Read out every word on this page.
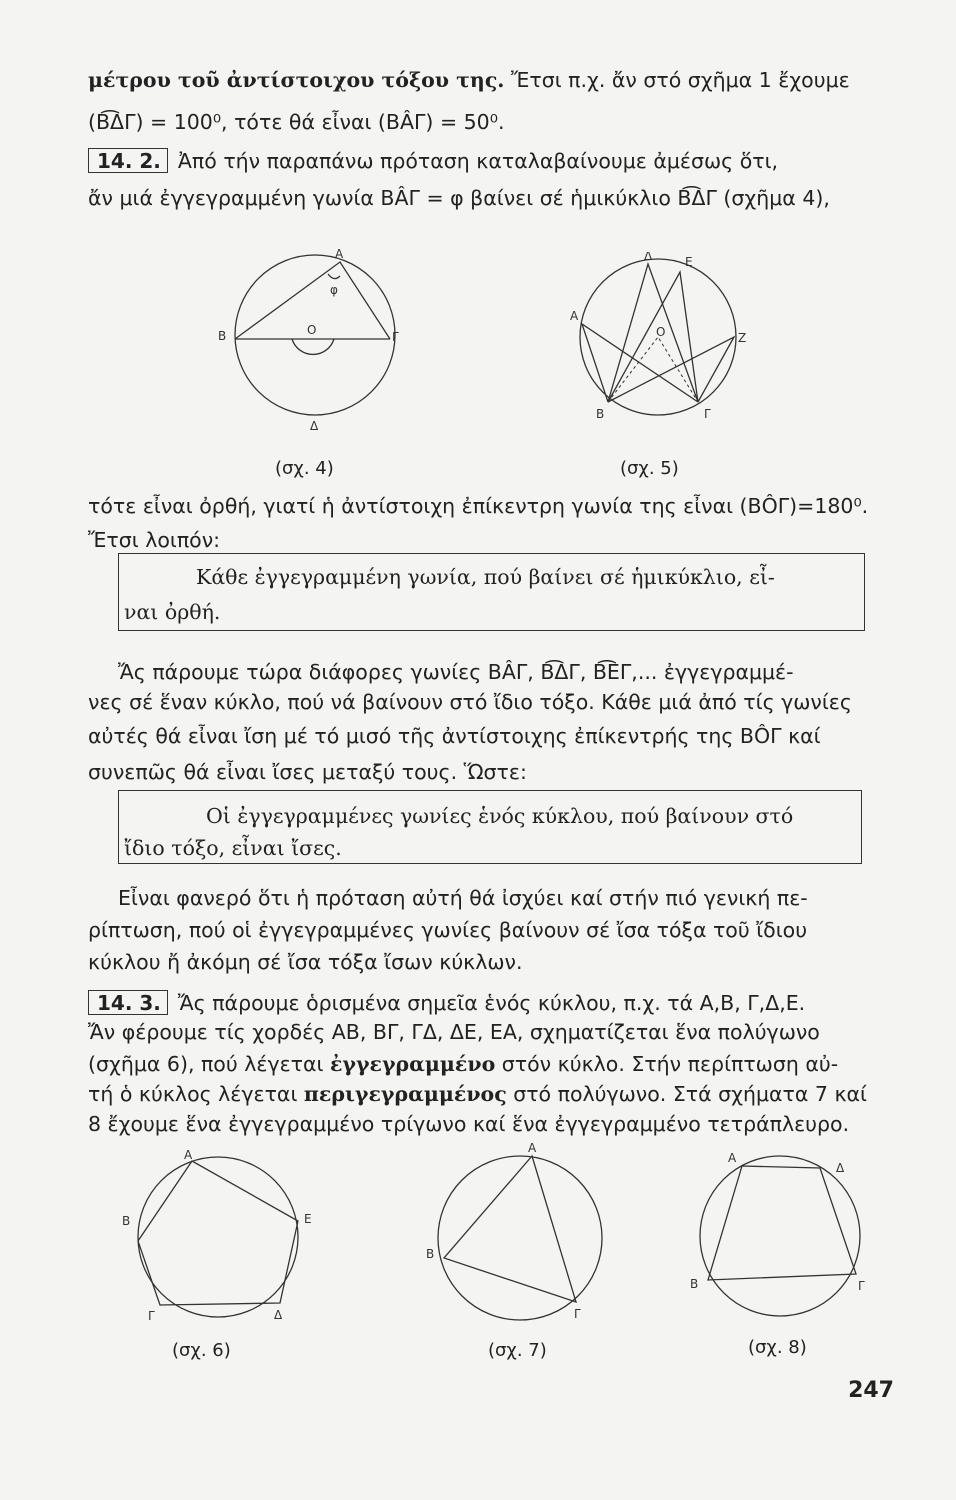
μέτρου τοῦ ἀντίστοιχου τόξου της. Ἔτσι π.χ. ἄν στό σχῆμα 1 ἔχουμε
(Β͡ΔΓ) = 100⁰, τότε θά εἶναι (ΒÂΓ) = 50⁰.
14. 2. Ἀπό τήν παραπάνω πρόταση καταλαβαίνουμε ἀμέσως ὅτι,
ἄν μιά ἐγγεγραμμένη γωνία ΒÂΓ = φ βαίνει σέ ἡμικύκλιο Β͡ΔΓ (σχῆμα 4),
Α
Β	Γ
Ο
φ
Δ
Δ	Ε
Α
Ο	Ζ
Β	Γ
(σχ. 4)	(σχ. 5)
τότε εἶναι ὀρθή, γιατί ἡ ἀντίστοιχη ἐπίκεντρη γωνία της εἶναι (ΒÔΓ)=180⁰.
Ἔτσι λοιπόν:
Κάθε ἐγγεγραμμένη γωνία, πού βαίνει σέ ἡμικύκλιο, εἶ-
ναι ὀρθή.
Ἄς πάρουμε τώρα διάφορες γωνίες ΒÂΓ, Β͡ΔΓ, Β͡ΕΓ,... ἐγγεγραμμέ-
νες σέ ἕναν κύκλο, πού νά βαίνουν στό ἴδιο τόξο. Κάθε μιά ἀπό τίς γωνίες
αὐτές θά εἶναι ἴση μέ τό μισό τῆς ἀντίστοιχης ἐπίκεντρής της ΒÔΓ καί
συνεπῶς θά εἶναι ἴσες μεταξύ τους. Ὥστε:
Οἱ ἐγγεγραμμένες γωνίες ἑνός κύκλου, πού βαίνουν στό
ἴδιο τόξο, εἶναι ἴσες.
Εἶναι φανερό ὅτι ἡ πρόταση αὐτή θά ἰσχύει καί στήν πιό γενική πε-
ρίπτωση, πού οἱ ἐγγεγραμμένες γωνίες βαίνουν σέ ἴσα τόξα τοῦ ἴδιου
κύκλου ἤ ἀκόμη σέ ἴσα τόξα ἴσων κύκλων.
14. 3. Ἄς πάρουμε ὁρισμένα σημεῖα ἑνός κύκλου, π.χ. τά Α,Β, Γ,Δ,Ε.
Ἄν φέρουμε τίς χορδές ΑΒ, ΒΓ, ΓΔ, ΔΕ, ΕΑ, σχηματίζεται ἕνα πολύγωνο
(σχῆμα 6), πού λέγεται ἐγγεγραμμένο στόν κύκλο. Στήν περίπτωση αὐ-
τή ὁ κύκλος λέγεται περιγεγραμμένος στό πολύγωνο. Στά σχήματα 7 καί
8 ἔχουμε ἕνα ἐγγεγραμμένο τρίγωνο καί ἕνα ἐγγεγραμμένο τετράπλευρο.
Α
Β
Γ	Δ
Ε
Α
Β
Γ
Α
Δ
Γ
Β
(σχ. 6)	(σχ. 7)	(σχ. 8)
247
